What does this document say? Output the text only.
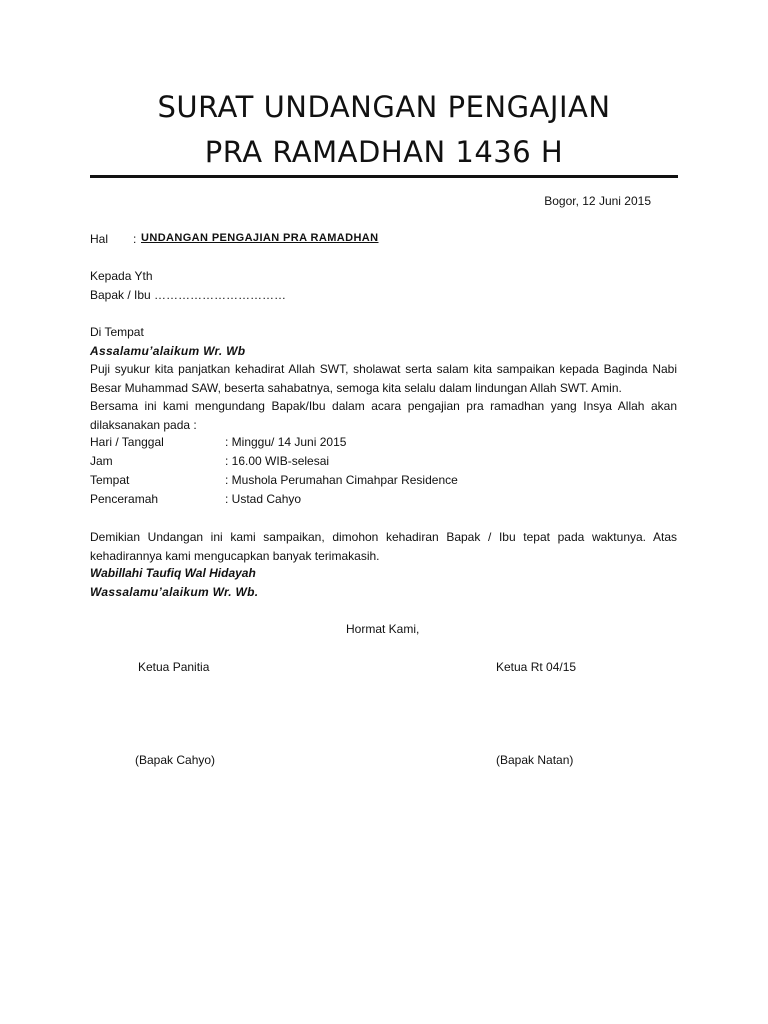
SURAT UNDANGAN PENGAJIAN
PRA RAMADHAN 1436 H
Bogor, 12 Juni 2015
Hal : UNDANGAN PENGAJIAN PRA RAMADHAN
Kepada Yth
Bapak / Ibu ……………………………
Di Tempat
Assalamu’alaikum Wr. Wb
Puji syukur kita panjatkan kehadirat Allah SWT, sholawat serta salam kita sampaikan kepada Baginda Nabi Besar Muhammad SAW, beserta sahabatnya, semoga kita selalu dalam lindungan Allah SWT. Amin.
Bersama ini kami mengundang Bapak/Ibu dalam acara pengajian pra ramadhan yang Insya Allah akan dilaksanakan pada :
Hari / Tanggal	: Minggu/ 14 Juni 2015
Jam	: 16.00 WIB-selesai
Tempat	: Mushola Perumahan Cimahpar Residence
Penceramah	: Ustad Cahyo
Demikian Undangan ini kami sampaikan, dimohon kehadiran Bapak / Ibu tepat pada waktunya. Atas kehadirannya kami mengucapkan banyak terimakasih.
Wabillahi Taufiq Wal Hidayah
Wassalamu’alaikum Wr. Wb.
Hormat Kami,
Ketua Panitia	Ketua Rt 04/15
(Bapak Cahyo)	(Bapak Natan)
